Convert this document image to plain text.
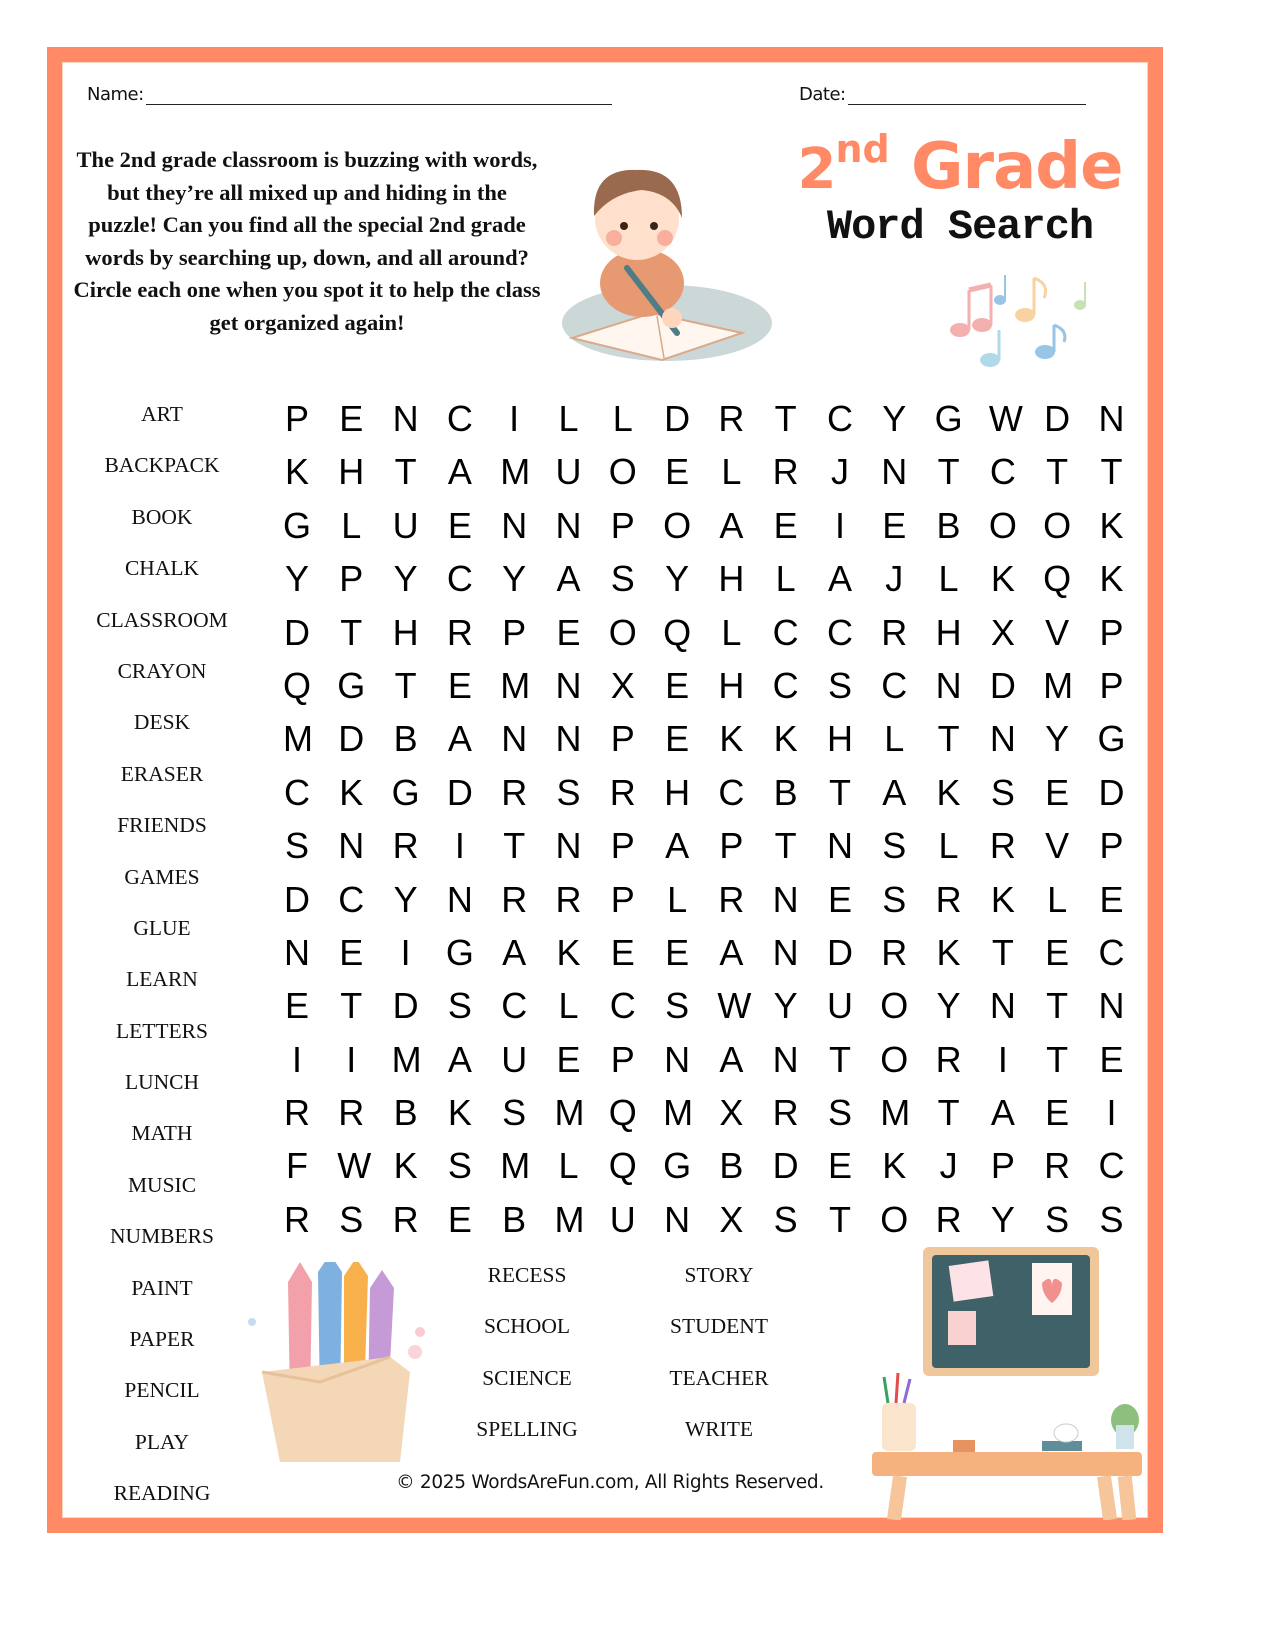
Name:	Date:
The 2nd grade classroom is buzzing with words, but they’re all mixed up and hiding in the puzzle! Can you find all the special 2nd grade words by searching up, down, and all around? Circle each one when you spot it to help the class get organized again!
2nd Grade
Word Search
ART
BACKPACK
BOOK
CHALK
CLASSROOM
CRAYON
DESK
ERASER
FRIENDS
GAMES
GLUE
LEARN
LETTERS
LUNCH
MATH
MUSIC
NUMBERS
PAINT
PAPER
PENCIL
PLAY
READING
P E N C I L L D R T C Y G W D N
K H T A M U O E L R J N T C T T
G L U E N N P O A E I E B O O K
Y P Y C Y A S Y H L A J L K Q K
D T H R P E O Q L C C R H X V P
Q G T E M N X E H C S C N D M P
M D B A N N P E K K H L T N Y G
C K G D R S R H C B T A K S E D
S N R I T N P A P T N S L R V P
D C Y N R R P L R N E S R K L E
N E I G A K E E A N D R K T E C
E T D S C L C S W Y U O Y N T N
I I M A U E P N A N T O R I T E
R R B K S M Q M X R S M T A E I
F W K S M L Q G B D E K J P R C
R S R E B M U N X S T O R Y S S
RECESS
SCHOOL
SCIENCE
SPELLING
STORY
STUDENT
TEACHER
WRITE
© 2025 WordsAreFun.com, All Rights Reserved.
